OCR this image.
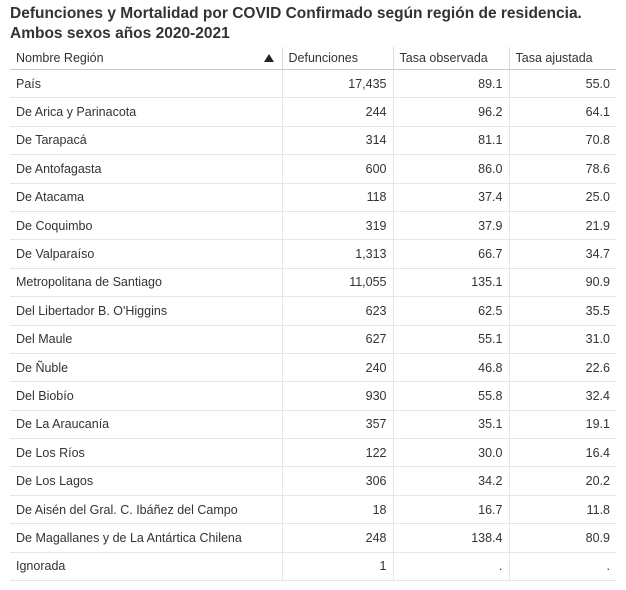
Defunciones y Mortalidad por COVID Confirmado según región de residencia. Ambos sexos años 2020-2021
Nombre Región	Defunciones	Tasa observada	Tasa ajustada
País	17,435	89.1	55.0
De Arica y Parinacota	244	96.2	64.1
De Tarapacá	314	81.1	70.8
De Antofagasta	600	86.0	78.6
De Atacama	118	37.4	25.0
De Coquimbo	319	37.9	21.9
De Valparaíso	1,313	66.7	34.7
Metropolitana de Santiago	11,055	135.1	90.9
Del Libertador B. O'Higgins	623	62.5	35.5
Del Maule	627	55.1	31.0
De Ñuble	240	46.8	22.6
Del Biobío	930	55.8	32.4
De La Araucanía	357	35.1	19.1
De Los Ríos	122	30.0	16.4
De Los Lagos	306	34.2	20.2
De Aisén del Gral. C. Ibáñez del Campo	18	16.7	11.8
De Magallanes y de La Antártica Chilena	248	138.4	80.9
Ignorada	1	.	.
